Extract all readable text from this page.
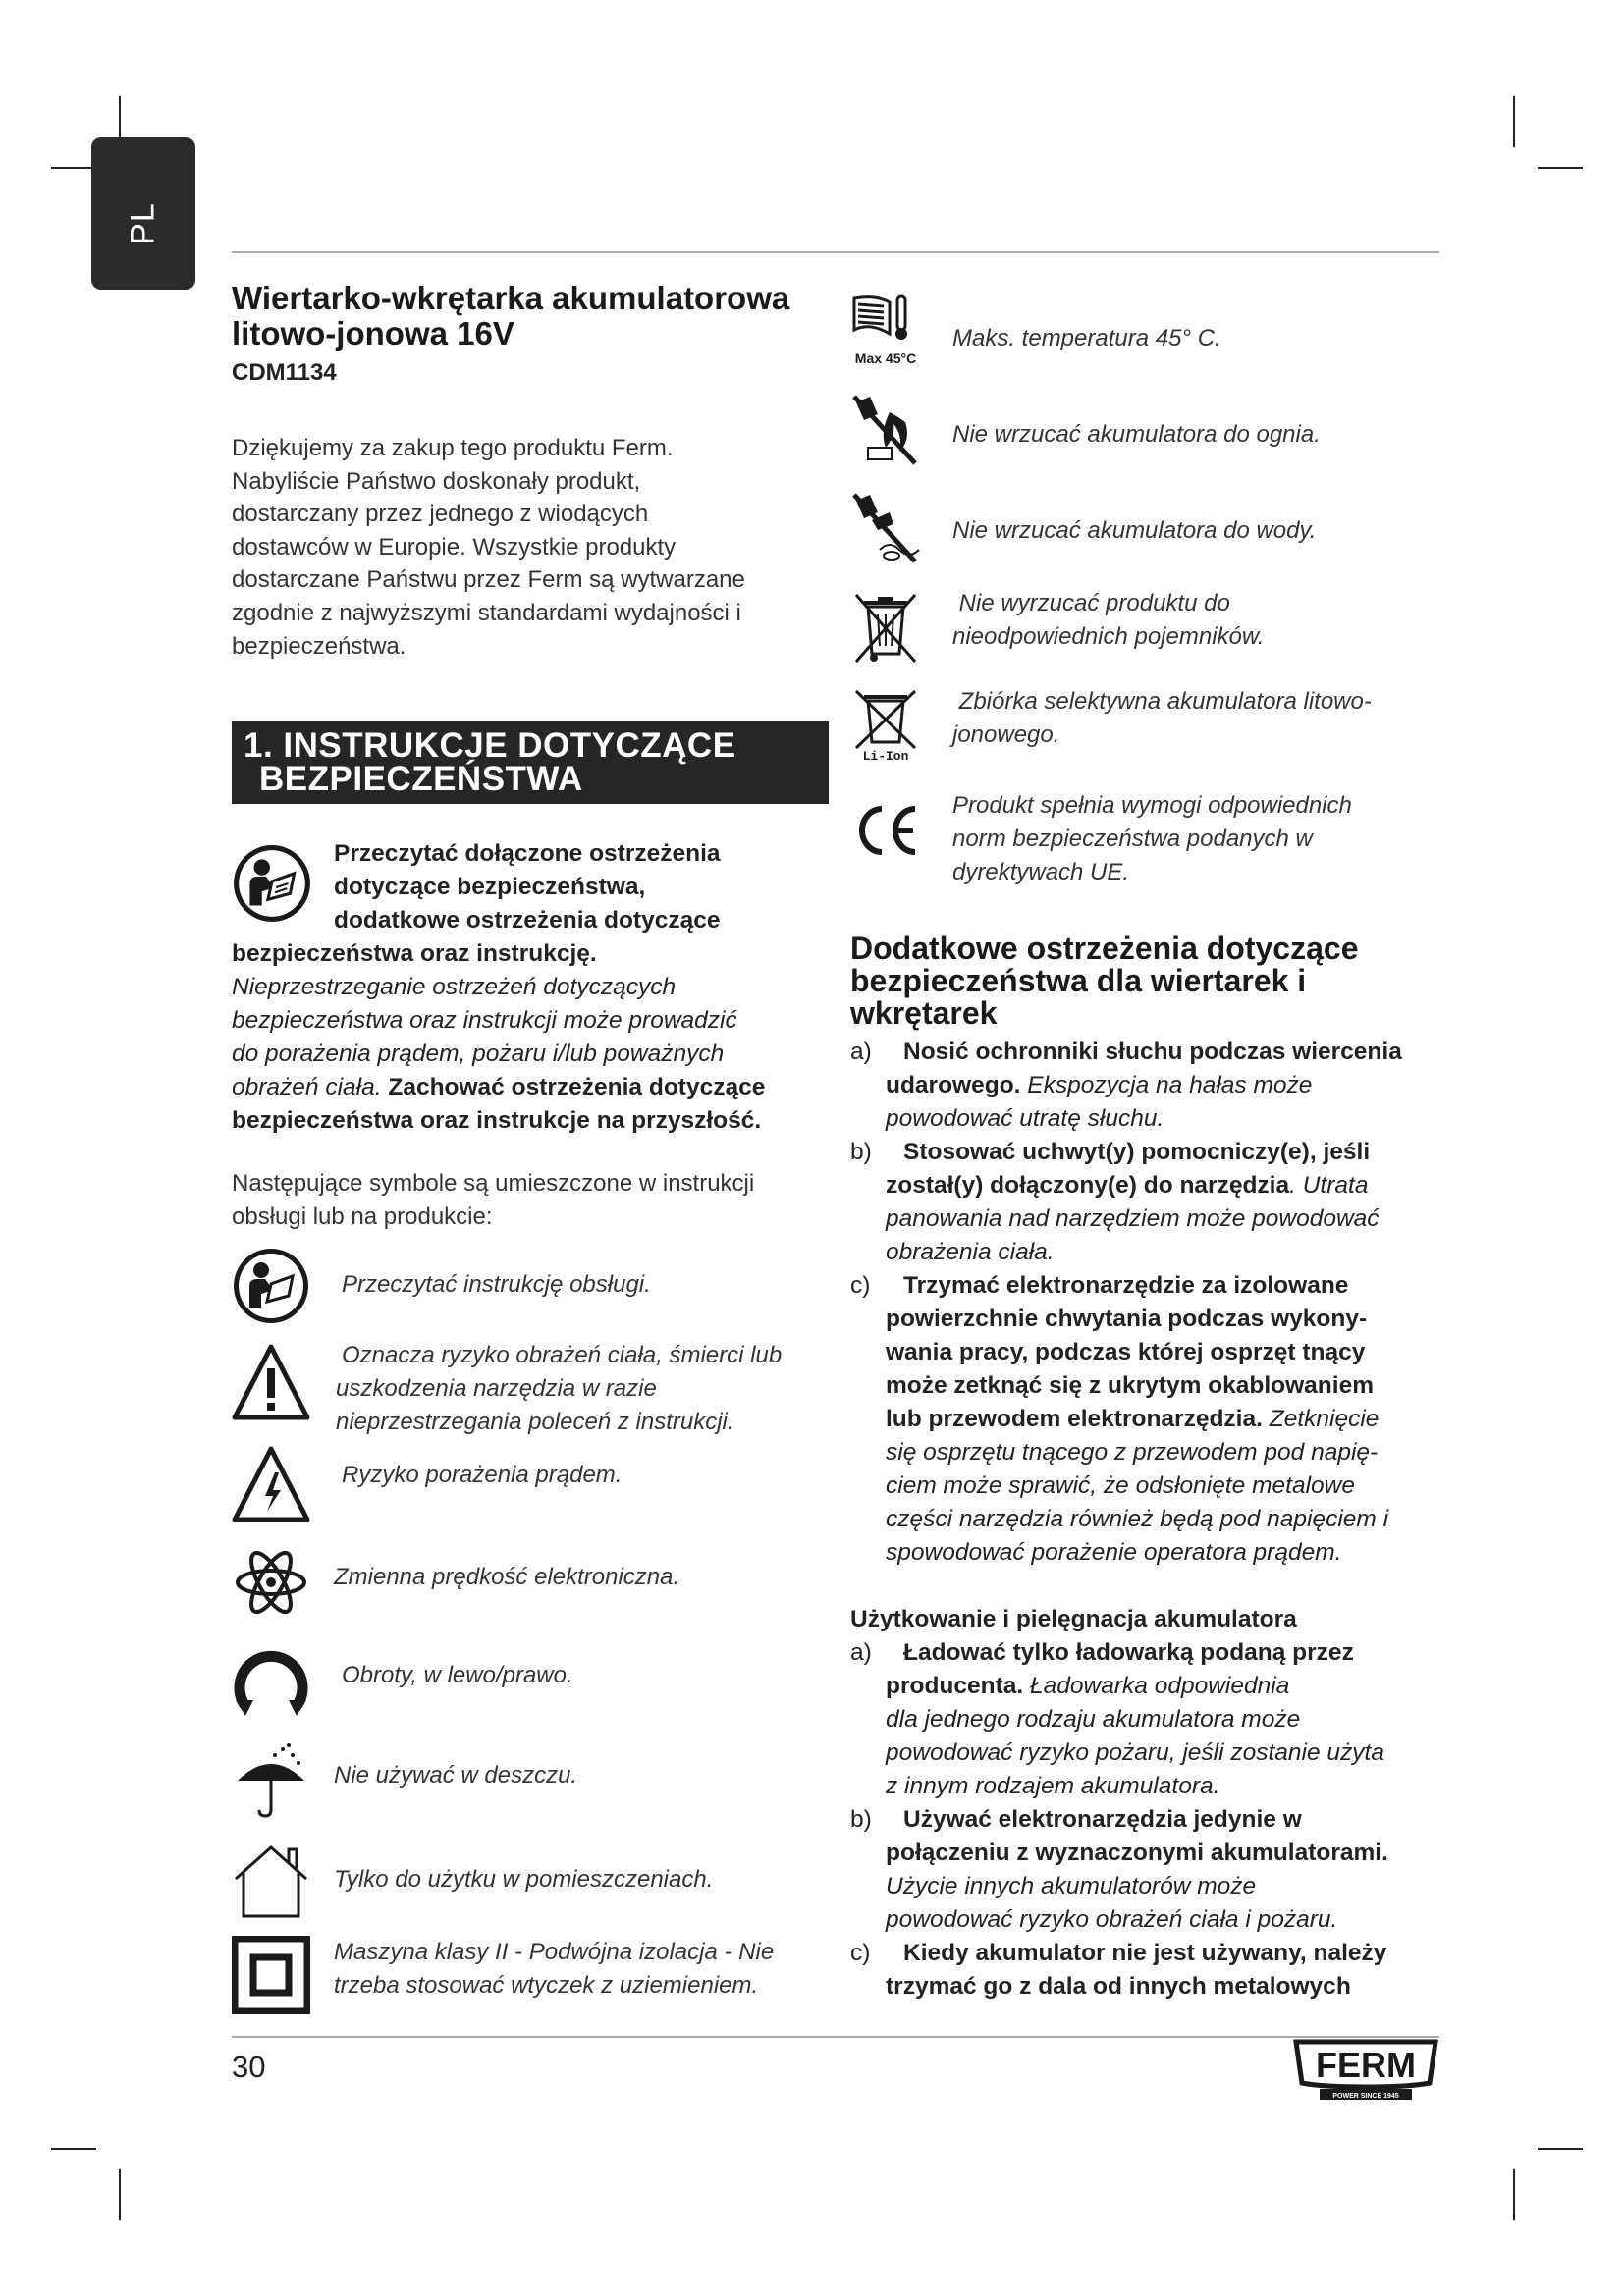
PL
Wiertarko-wkrętarka akumulatorowa
litowo-jonowa 16V
CDM1134
Dziękujemy za zakup tego produktu Ferm.
Nabyliście Państwo doskonały produkt,
dostarczany przez jednego z wiodących
dostawców w Europie. Wszystkie produkty
dostarczane Państwu przez Ferm są wytwarzane
zgodnie z najwyższymi standardami wydajności i
bezpieczeństwa.
1. INSTRUKCJE DOTYCZĄCE
BEZPIECZEŃSTWA
Przeczytać dołączone ostrzeżenia
dotyczące bezpieczeństwa,
dodatkowe ostrzeżenia dotyczące
bezpieczeństwa oraz instrukcję.
Nieprzestrzeganie ostrzeżeń dotyczących
bezpieczeństwa oraz instrukcji może prowadzić
do porażenia prądem, pożaru i/lub poważnych
obrażeń ciała. Zachować ostrzeżenia dotyczące
bezpieczeństwa oraz instrukcje na przyszłość.
Następujące symbole są umieszczone w instrukcji
obsługi lub na produkcie:
Przeczytać instrukcję obsługi.
Oznacza ryzyko obrażeń ciała, śmierci lub
uszkodzenia narzędzia w razie
nieprzestrzegania poleceń z instrukcji.
Ryzyko porażenia prądem.
Zmienna prędkość elektroniczna.
Obroty, w lewo/prawo.
Nie używać w deszczu.
Tylko do użytku w pomieszczeniach.
Maszyna klasy II - Podwójna izolacja - Nie
trzeba stosować wtyczek z uziemieniem.
Max 45°C
Maks. temperatura 45° C.
Nie wrzucać akumulatora do ognia.
Nie wrzucać akumulatora do wody.
Nie wyrzucać produktu do
nieodpowiednich pojemników.
Li-Ion
Zbiórka selektywna akumulatora litowo-
jonowego.
Produkt spełnia wymogi odpowiednich
norm bezpieczeństwa podanych w
dyrektywach UE.
Dodatkowe ostrzeżenia dotyczące
bezpieczeństwa dla wiertarek i
wkrętarek
a) Nosić ochronniki słuchu podczas wiercenia
udarowego. Ekspozycja na hałas może
powodować utratę słuchu.
b) Stosować uchwyt(y) pomocniczy(e), jeśli
został(y) dołączony(e) do narzędzia. Utrata
panowania nad narzędziem może powodować
obrażenia ciała.
c) Trzymać elektronarzędzie za izolowane
powierzchnie chwytania podczas wykony-
wania pracy, podczas której osprzęt tnący
może zetknąć się z ukrytym okablowaniem
lub przewodem elektronarzędzia. Zetknięcie
się osprzętu tnącego z przewodem pod napię-
ciem może sprawić, że odsłonięte metalowe
części narzędzia również będą pod napięciem i
spowodować porażenie operatora prądem.
Użytkowanie i pielęgnacja akumulatora
a) Ładować tylko ładowarką podaną przez
producenta. Ładowarka odpowiednia
dla jednego rodzaju akumulatora może
powodować ryzyko pożaru, jeśli zostanie użyta
z innym rodzajem akumulatora.
b) Używać elektronarzędzia jedynie w
połączeniu z wyznaczonymi akumulatorami.
Użycie innych akumulatorów może
powodować ryzyko obrażeń ciała i pożaru.
c) Kiedy akumulator nie jest używany, należy
trzymać go z dala od innych metalowych
30	FERM
POWER SINCE 1945
